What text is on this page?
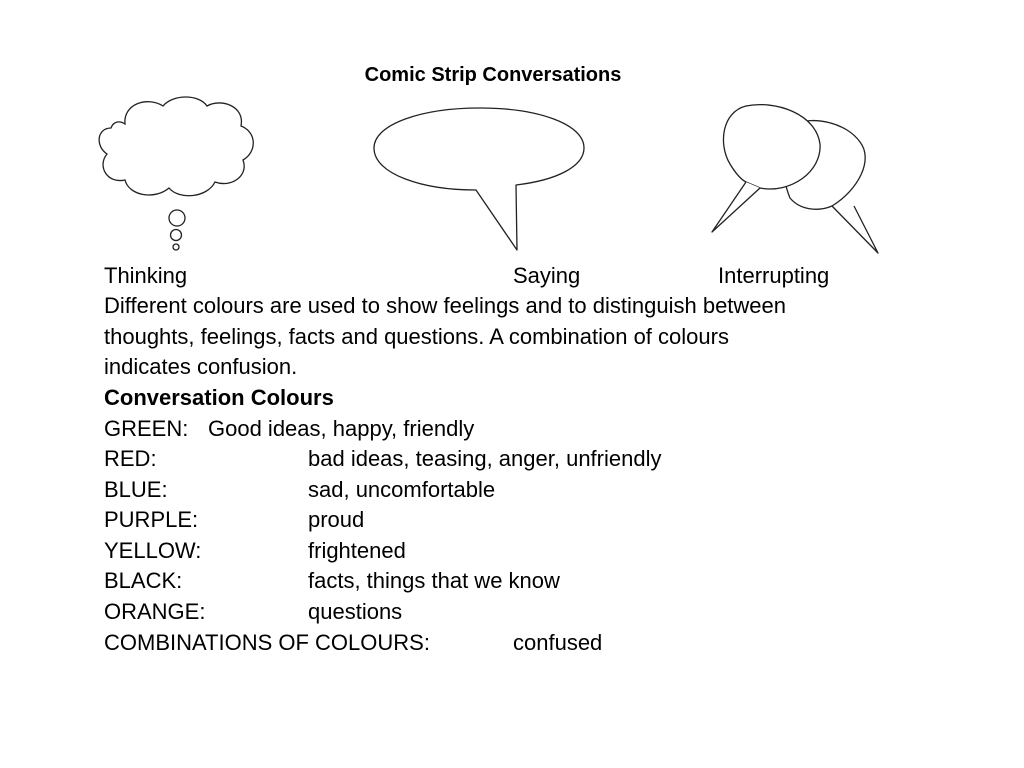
Comic Strip Conversations
Thinking	Saying	Interrupting
Different colours are used to show feelings and to distinguish between
thoughts, feelings, facts and questions. A combination of colours
indicates confusion.
Conversation Colours
GREEN: Good ideas, happy, friendly
RED:	bad ideas, teasing, anger, unfriendly
BLUE:	sad, uncomfortable
PURPLE:	proud
YELLOW:	frightened
BLACK:	facts, things that we know
ORANGE:	questions
COMBINATIONS OF COLOURS:	confused
